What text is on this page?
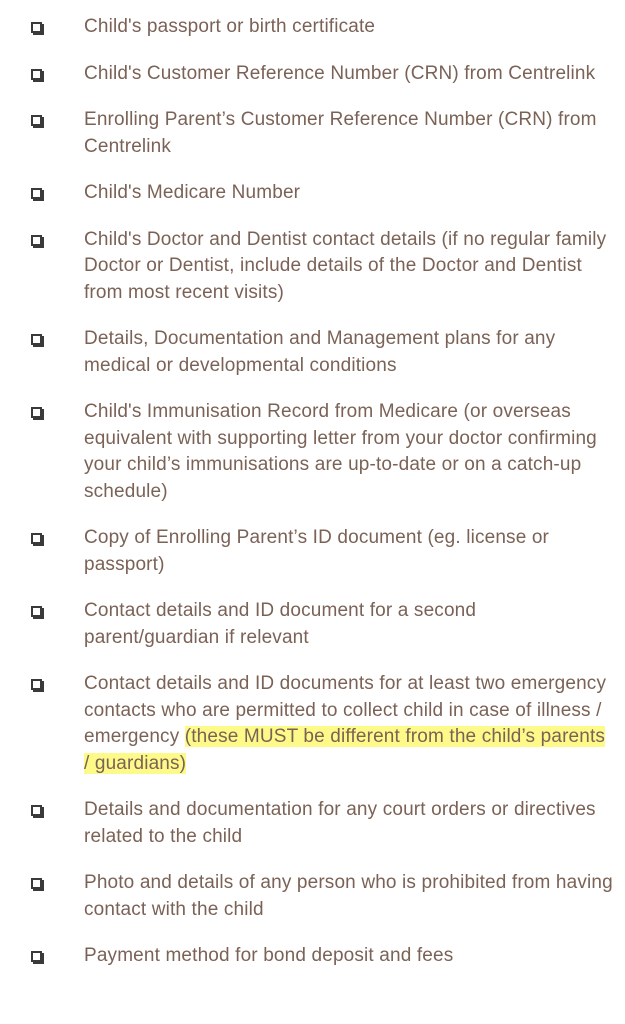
Child's passport or birth certificate
Child's Customer Reference Number (CRN) from Centrelink
Enrolling Parent’s Customer Reference Number (CRN) from Centrelink
Child's Medicare Number
Child's Doctor and Dentist contact details (if no regular family Doctor or Dentist, include details of the Doctor and Dentist from most recent visits)
Details, Documentation and Management plans for any medical or developmental conditions
Child's Immunisation Record from Medicare (or overseas equivalent with supporting letter from your doctor confirming your child’s immunisations are up-to-date or on a catch-up schedule)
Copy of Enrolling Parent’s ID document (eg. license or passport)
Contact details and ID document for a second parent/guardian if relevant
Contact details and ID documents for at least two emergency contacts who are permitted to collect child in case of illness / emergency (these MUST be different from the child’s parents / guardians)
Details and documentation for any court orders or directives related to the child
Photo and details of any person who is prohibited from having contact with the child
Payment method for bond deposit and fees
